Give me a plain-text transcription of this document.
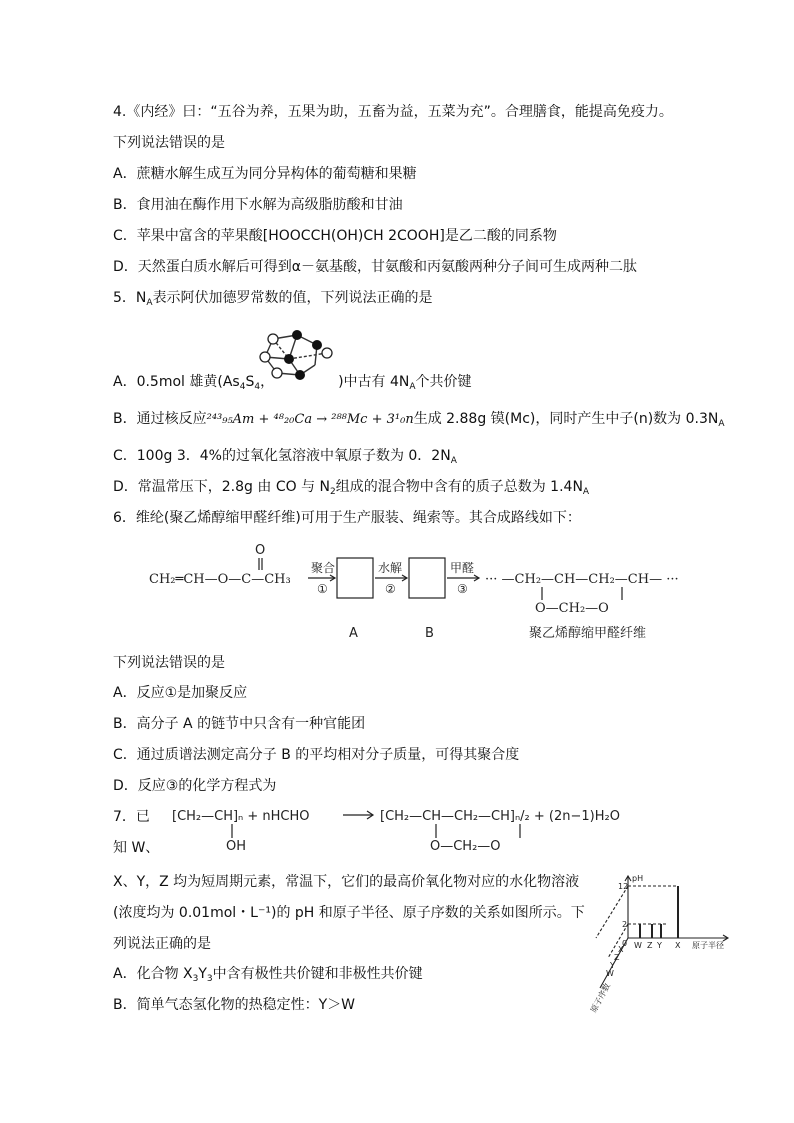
4.《内经》曰：“五谷为养，五果为助，五畜为益，五菜为充”。合理膳食，能提高免疫力。
下列说法错误的是
A．蔗糖水解生成互为同分异构体的葡萄糖和果糖
B．食用油在酶作用下水解为高级脂肪酸和甘油
C．苹果中富含的苹果酸[HOOCCH(OH)CH 2COOH]是乙二酸的同系物
D．天然蛋白质水解后可得到α－氨基酸，甘氨酸和丙氨酸两种分子间可生成两种二肽
5．$N_A$表示阿伏加德罗常数的值，下列说法正确的是
A．0.5mol 雄黄($As_4S_4$，	)中古有 $4N_A$个共价键
B．通过核反应²⁴³₉₅Am + ⁴⁸₂₀Ca → ²⁸⁸Mc + 3¹₀n生成 2.88g 镆(Mc)，同时产生中子(n)数为 $0.3N_A$
C．100g 3．4%的过氧化氢溶液中氧原子数为 0．$2N_A$
D．常温常压下，2.8g 由 CO 与 $N_2$组成的混合物中含有的质子总数为 $1.4N_A$
6．维纶(聚乙烯醇缩甲醛纤维)可用于生产服装、绳索等。其合成路线如下：
O
CH₂═CH—O—C—CH₃
聚合
①
水解
②
甲醛
③
··· —CH₂—CH—CH₂—CH— ···
O—CH₂—O
A	B	聚乙烯醇缩甲醛纤维
下列说法错误的是
A．反应①是加聚反应
B．高分子 A 的链节中只含有一种官能团
C．通过质谱法测定高分子 B 的平均相对分子质量，可得其聚合度
D．反应③的化学方程式为
7．已
知 W、
[CH₂—CH]ₙ + nHCHO
OH
[CH₂—CH—CH₂—CH]ₙ/₂ + (2n−1)H₂O
O—CH₂—O
X、Y，Z 均为短周期元素，常温下，它们的最高价氧化物对应的水化物溶液
(浓度均为 0.01mol・L⁻¹)的 pH 和原子半径、原子序数的关系如图所示。下
列说法正确的是
A．化合物 $X_3Y_3$中含有极性共价键和非极性共价键
B．简单气态氢化物的热稳定性：Y＞W
pH
12
2
0 W Z Y X 原子半径
X
Z
Y
W
原子序数
